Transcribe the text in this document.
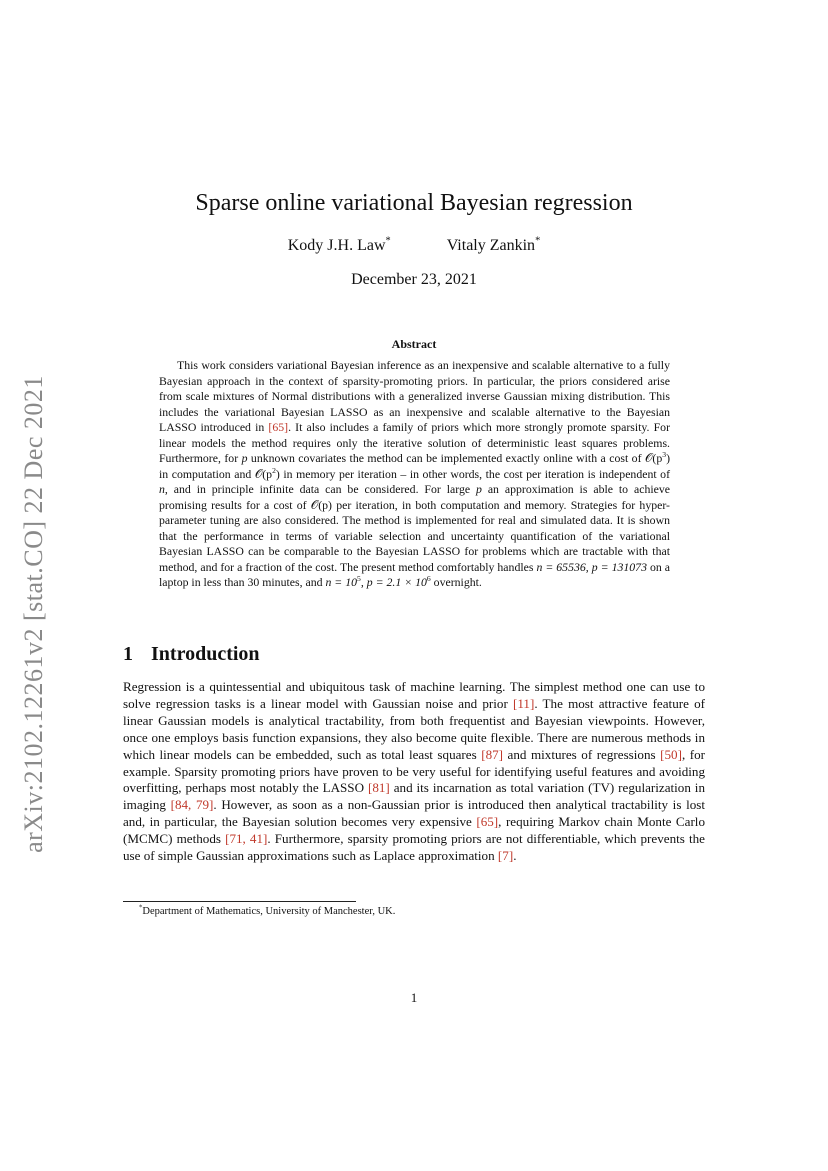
arXiv:2102.12261v2 [stat.CO] 22 Dec 2021
Sparse online variational Bayesian regression
Kody J.H. Law*	Vitaly Zankin*
December 23, 2021
Abstract

This work considers variational Bayesian inference as an inexpensive and scalable alternative to a fully Bayesian approach in the context of sparsity-promoting priors. In particular, the priors considered arise from scale mixtures of Normal distributions with a generalized inverse Gaussian mixing distribution. This includes the variational Bayesian LASSO as an inexpensive and scalable alternative to the Bayesian LASSO introduced in [65]. It also includes a family of priors which more strongly promote sparsity. For linear models the method requires only the iterative solution of deterministic least squares problems. Furthermore, for p unknown covariates the method can be implemented exactly online with a cost of $𝒪(p^3)$ in computation and $𝒪(p^2)$ in memory per iteration – in other words, the cost per iteration is independent of n, and in principle infinite data can be considered. For large p an approximation is able to achieve promising results for a cost of 𝒪(p) per iteration, in both computation and memory. Strategies for hyper-parameter tuning are also considered. The method is implemented for real and simulated data. It is shown that the performance in terms of variable selection and uncertainty quantification of the variational Bayesian LASSO can be comparable to the Bayesian LASSO for problems which are tractable with that method, and for a fraction of the cost. The present method comfortably handles n = 65536, p = 131073 on a laptop in less than 30 minutes, and $n = 10^5$, $p = 2.1 \times 10^6$ overnight.

1 Introduction

Regression is a quintessential and ubiquitous task of machine learning. The simplest method one can use to solve regression tasks is a linear model with Gaussian noise and prior [11]. The most attractive feature of linear Gaussian models is analytical tractability, from both frequentist and Bayesian viewpoints. However, once one employs basis function expansions, they also become quite flexible. There are numerous methods in which linear models can be embedded, such as total least squares [87] and mixtures of regressions [50], for example. Sparsity promoting priors have proven to be very useful for identifying useful features and avoiding overfitting, perhaps most notably the LASSO [81] and its incarnation as total variation (TV) regularization in imaging [84, 79]. However, as soon as a non-Gaussian prior is introduced then analytical tractability is lost and, in particular, the Bayesian solution becomes very expensive [65], requiring Markov chain Monte Carlo (MCMC) methods [71, 41]. Furthermore, sparsity promoting priors are not differentiable, which prevents the use of simple Gaussian approximations such as Laplace approximation [7].

*Department of Mathematics, University of Manchester, UK.
1
